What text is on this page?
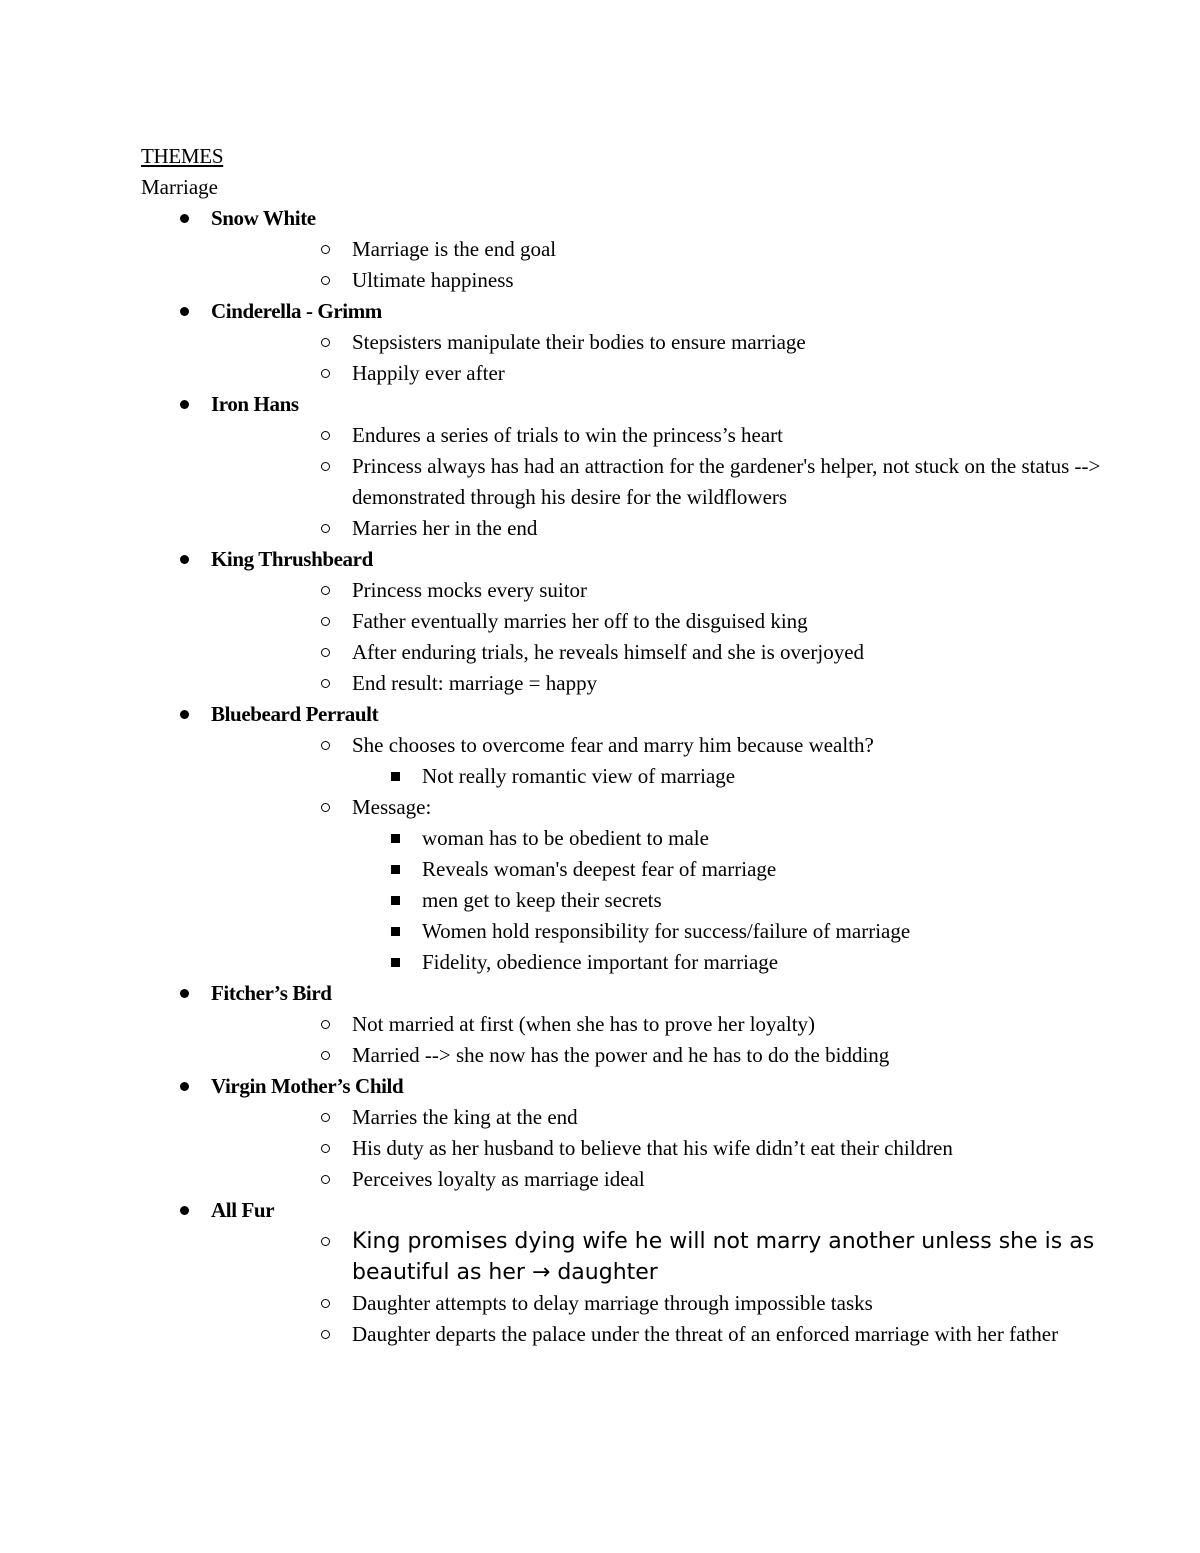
THEMES
Marriage
Snow White
Marriage is the end goal
Ultimate happiness
Cinderella - Grimm
Stepsisters manipulate their bodies to ensure marriage
Happily ever after
Iron Hans
Endures a series of trials to win the princess’s heart
Princess always has had an attraction for the gardener's helper, not stuck on the status --> demonstrated through his desire for the wildflowers
Marries her in the end
King Thrushbeard
Princess mocks every suitor
Father eventually marries her off to the disguised king
After enduring trials, he reveals himself and she is overjoyed
End result: marriage = happy
Bluebeard Perrault
She chooses to overcome fear and marry him because wealth?
Not really romantic view of marriage
Message:
woman has to be obedient to male
Reveals woman's deepest fear of marriage
men get to keep their secrets
Women hold responsibility for success/failure of marriage
Fidelity, obedience important for marriage
Fitcher’s Bird
Not married at first (when she has to prove her loyalty)
Married --> she now has the power and he has to do the bidding
Virgin Mother’s Child
Marries the king at the end
His duty as her husband to believe that his wife didn’t eat their children
Perceives loyalty as marriage ideal
All Fur
King promises dying wife he will not marry another unless she is as beautiful as her → daughter
Daughter attempts to delay marriage through impossible tasks
Daughter departs the palace under the threat of an enforced marriage with her father
